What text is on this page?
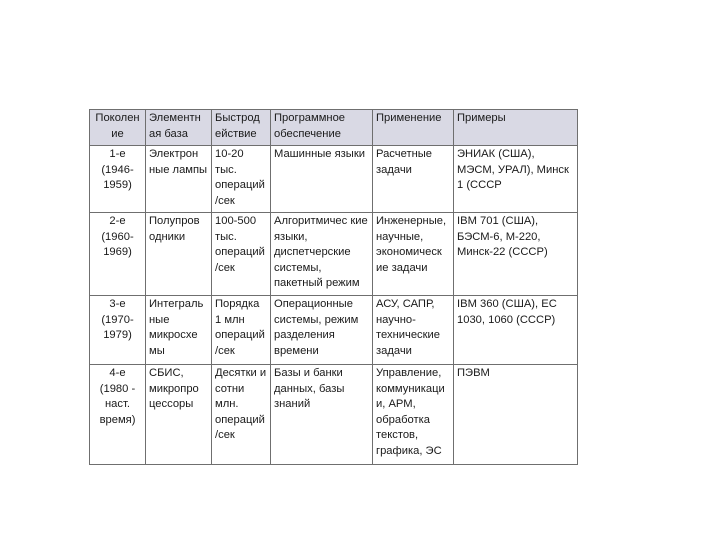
Поколен ие	Элементн ая база	Быстрод ействие	Программное обеспечение	Применение	Примеры
1-е
(1946-
1959)	Электрон ные лампы	10-20 тыс. операций /сек	Машинные языки	Расчетные задачи	ЭНИАК (США), МЭСМ, УРАЛ), Минск 1 (СССР
2-е
(1960-
1969)	Полупров одники	100-500 тыс. операций /сек	Алгоритмичес кие языки, диспетчерские системы, пакетный режим	Инженерные, научные, экономическ ие задачи	IBM 701 (США), БЭСМ-6, М-220, Минск-22 (СССР)
3-е
(1970-
1979)	Интеграль ные микросхе мы	Порядка 1 млн операций /сек	Операционные системы, режим разделения времени	АСУ, САПР, научно-технические задачи	IBM 360 (США), ЕС 1030, 1060 (СССР)
4-е
(1980 - наст. время)	СБИС, микропро цессоры	Десятки и сотни млн. операций /сек	Базы и банки данных, базы знаний	Управление, коммуникаци и, АРМ, обработка текстов, графика, ЭС	ПЭВМ
